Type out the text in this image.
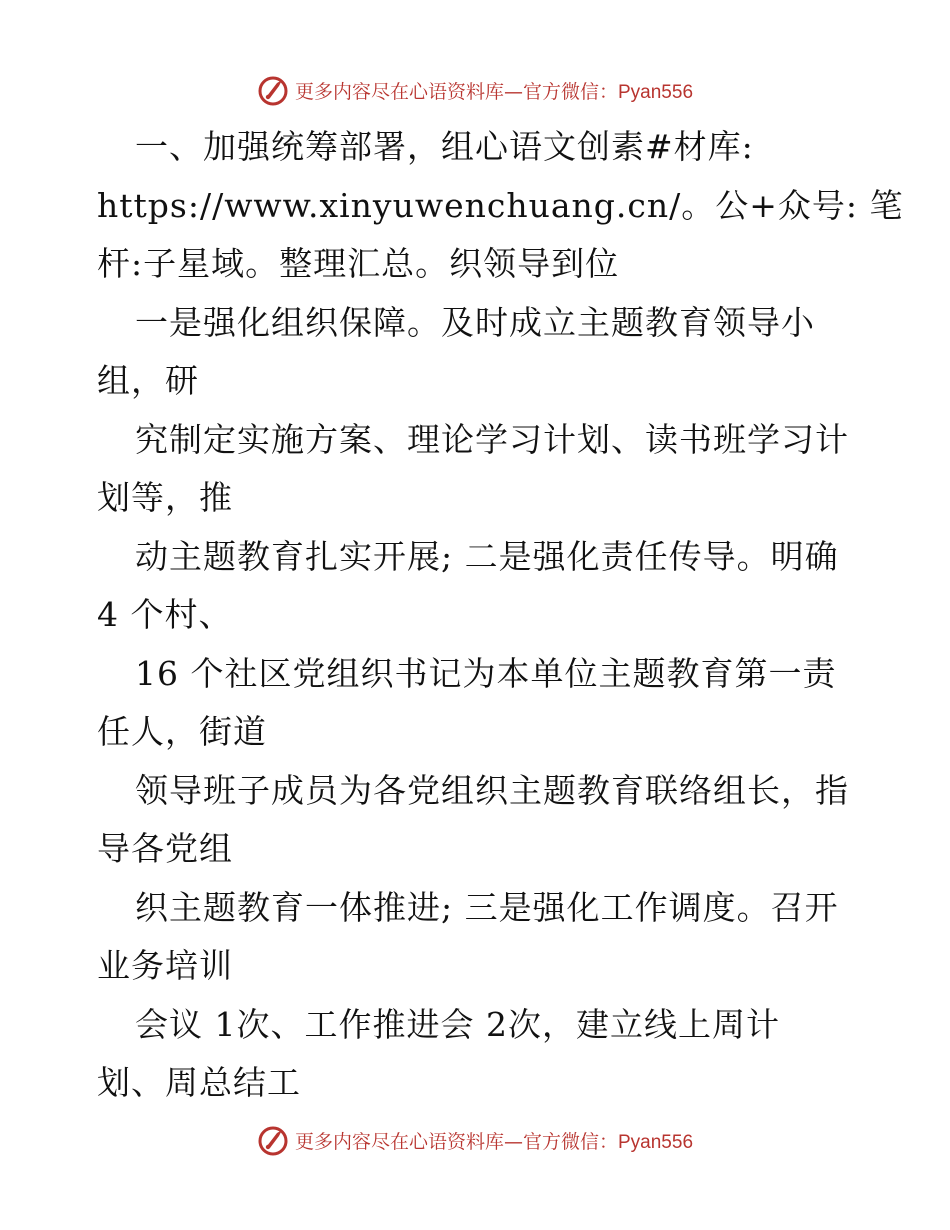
更多内容尽在心语资料库—官方微信：Pyan556
一、加强统筹部署，组心语文创素#材库:
https://www.xinyuwenchuang.cn/。公+众号: 笔
杆:子星域。整理汇总。织领导到位
一是强化组织保障。及时成立主题教育领导小
组，研
究制定实施方案、理论学习计划、读书班学习计
划等，推
动主题教育扎实开展; 二是强化责任传导。明确
4 个村、
16 个社区党组织书记为本单位主题教育第一责
任人，街道
领导班子成员为各党组织主题教育联络组长，指
导各党组
织主题教育一体推进; 三是强化工作调度。召开
业务培训
会议 1次、工作推进会 2次，建立线上周计
划、周总结工
更多内容尽在心语资料库—官方微信：Pyan556
